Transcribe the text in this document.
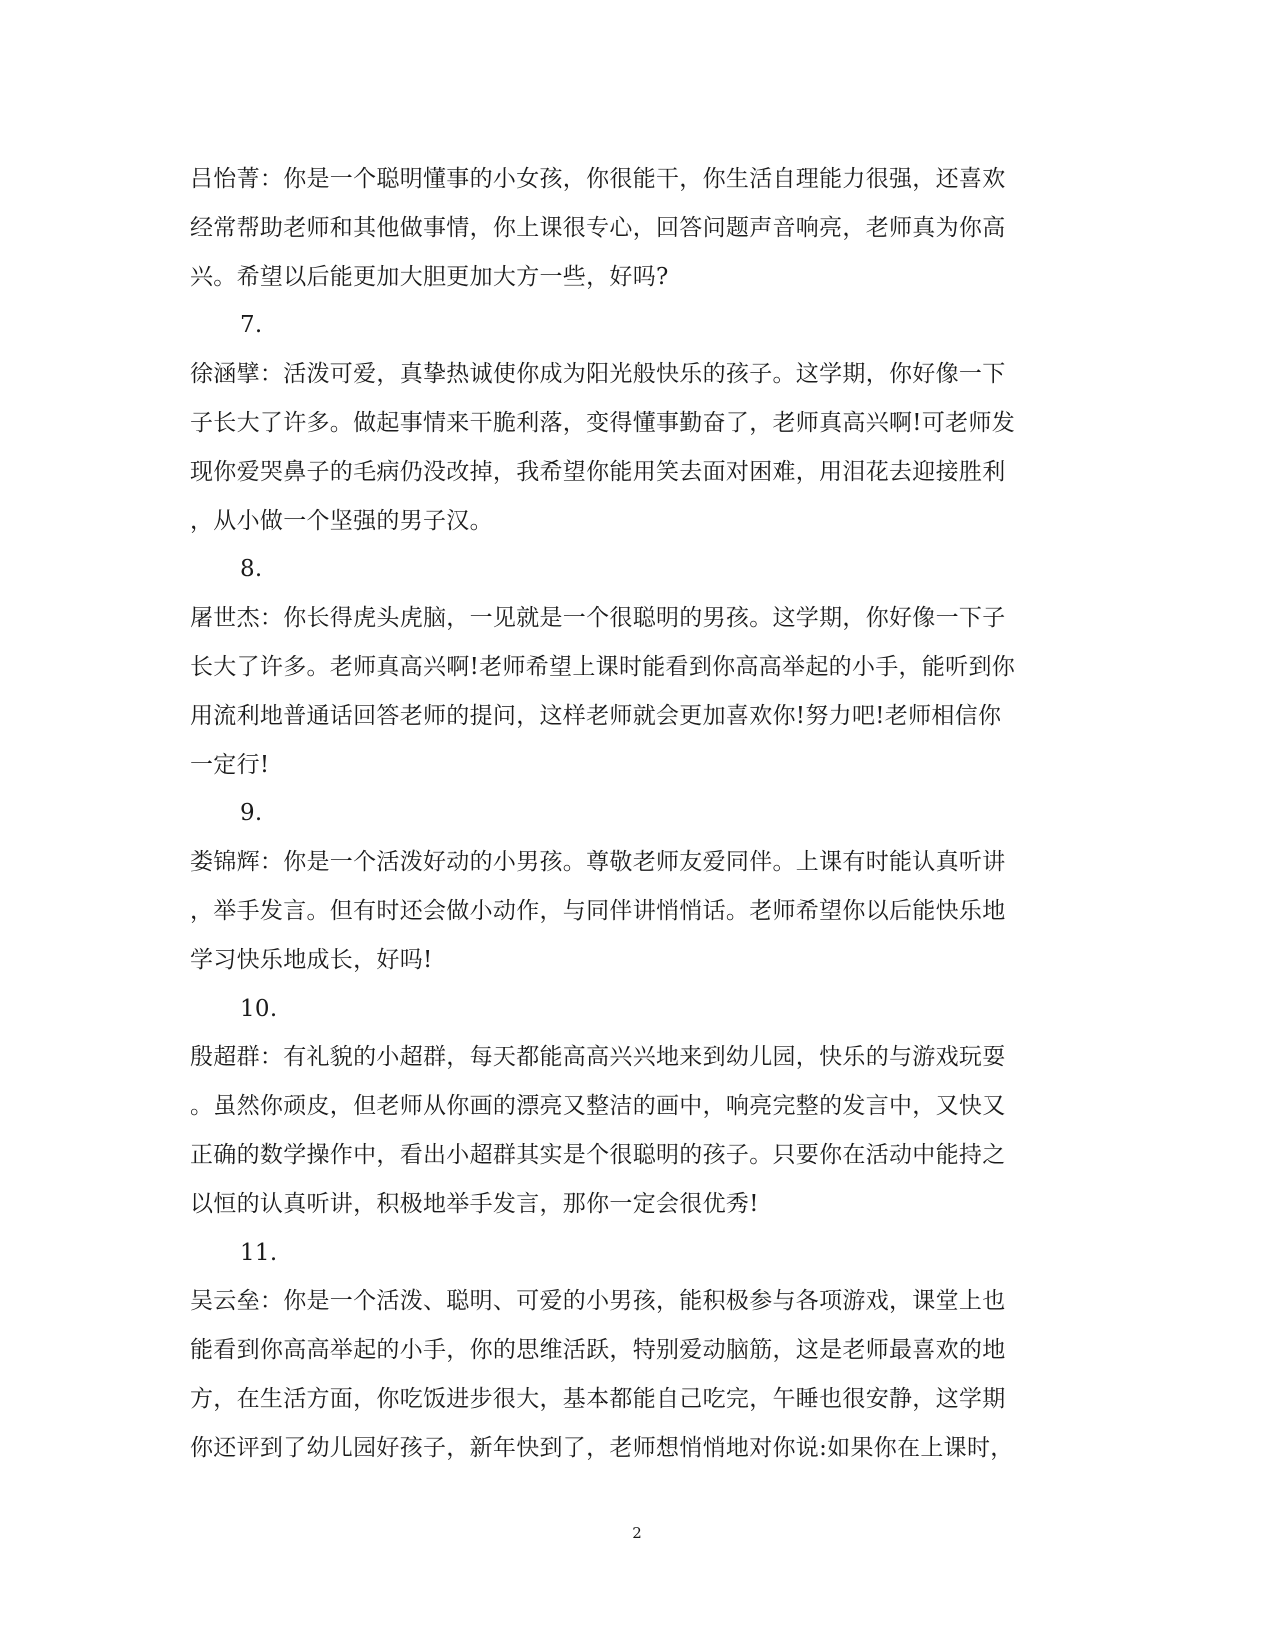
吕怡菁：你是一个聪明懂事的小女孩，你很能干，你生活自理能力很强，还喜欢
经常帮助老师和其他做事情，你上课很专心，回答问题声音响亮，老师真为你高
兴。希望以后能更加大胆更加大方一些，好吗?
7.
徐涵擘：活泼可爱，真挚热诚使你成为阳光般快乐的孩子。这学期，你好像一下
子长大了许多。做起事情来干脆利落，变得懂事勤奋了，老师真高兴啊!可老师发
现你爱哭鼻子的毛病仍没改掉，我希望你能用笑去面对困难，用泪花去迎接胜利
，从小做一个坚强的男子汉。
8.
屠世杰：你长得虎头虎脑，一见就是一个很聪明的男孩。这学期，你好像一下子
长大了许多。老师真高兴啊!老师希望上课时能看到你高高举起的小手，能听到你
用流利地普通话回答老师的提问，这样老师就会更加喜欢你!努力吧!老师相信你
一定行!
9.
娄锦辉：你是一个活泼好动的小男孩。尊敬老师友爱同伴。上课有时能认真听讲
，举手发言。但有时还会做小动作，与同伴讲悄悄话。老师希望你以后能快乐地
学习快乐地成长，好吗!
10.
殷超群：有礼貌的小超群，每天都能高高兴兴地来到幼儿园，快乐的与游戏玩耍
。虽然你顽皮，但老师从你画的漂亮又整洁的画中，响亮完整的发言中，又快又
正确的数学操作中，看出小超群其实是个很聪明的孩子。只要你在活动中能持之
以恒的认真听讲，积极地举手发言，那你一定会很优秀!
11.
吴云垒：你是一个活泼、聪明、可爱的小男孩，能积极参与各项游戏，课堂上也
能看到你高高举起的小手，你的思维活跃，特别爱动脑筋，这是老师最喜欢的地
方，在生活方面，你吃饭进步很大，基本都能自己吃完，午睡也很安静，这学期
你还评到了幼儿园好孩子，新年快到了，老师想悄悄地对你说:如果你在上课时，
2
